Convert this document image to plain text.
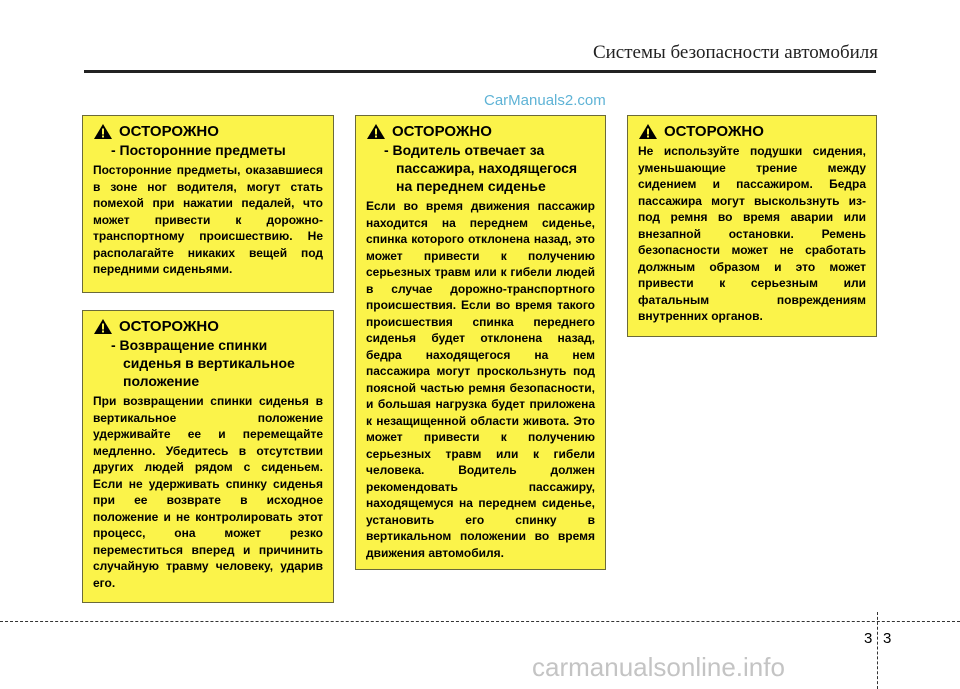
Системы безопасности автомобиля
CarManuals2.com
ОСТОРОЖНО
- Посторонние предметы
Посторонние предметы, оказавшиеся в зоне ног водителя, могут стать помехой при нажатии педалей, что может привести к дорожно-транспортному происшествию. Не располагайте никаких вещей под передними сиденьями.
ОСТОРОЖНО
- Возвращение спинки сиденья в вертикальное положение
При возвращении спинки сиденья в вертикальное положение удерживайте ее и перемещайте медленно. Убедитесь в отсутствии других людей рядом с сиденьем. Если не удерживать спинку сиденья при ее возврате в исходное положение и не контролировать этот процесс, она может резко переместиться вперед и причинить случайную травму человеку, ударив его.
ОСТОРОЖНО
- Водитель отвечает за пассажира, находящегося на переднем сиденье
Если во время движения пассажир находится на переднем сиденье, спинка которого отклонена назад, это может привести к получению серьезных травм или к гибели людей в случае дорожно-транспортного происшествия. Если во время такого происшествия спинка переднего сиденья будет отклонена назад, бедра находящегося на нем пассажира могут проскользнуть под поясной частью ремня безопасности, и большая нагрузка будет приложена к незащищенной области живота. Это может привести к получению серьезных травм или к гибели человека. Водитель должен рекомендовать пассажиру, находящемуся на переднем сиденье, установить его спинку в вертикальном положении во время движения автомобиля.
ОСТОРОЖНО
Не используйте подушки сидения, уменьшающие трение между сидением и пассажиром. Бедра пассажира могут выскользнуть из-под ремня во время аварии или внезапной остановки. Ремень безопасности может не сработать должным образом и это может привести к серьезным или фатальным повреждениям внутренних органов.
3 3
carmanualsonline.info
